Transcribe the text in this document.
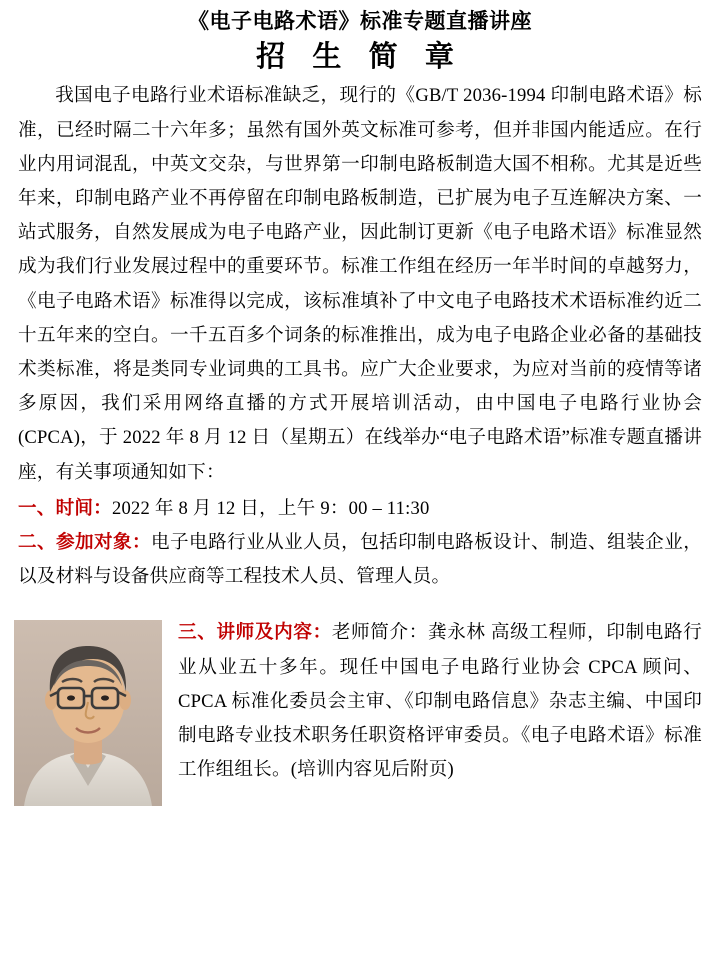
《电子电路术语》标准专题直播讲座
招 生 简 章

我国电子电路行业术语标准缺乏，现行的《GB/T 2036-1994 印制电路术语》标准，已经时隔二十六年多；虽然有国外英文标准可参考，但并非国内能适应。在行业内用词混乱，中英文交杂，与世界第一印制电路板制造大国不相称。尤其是近些年来，印制电路产业不再停留在印制电路板制造，已扩展为电子互连解决方案、一站式服务，自然发展成为电子电路产业，因此制订更新《电子电路术语》标准显然成为我们行业发展过程中的重要环节。标准工作组在经历一年半时间的卓越努力，《电子电路术语》标准得以完成，该标准填补了中文电子电路技术术语标准约近二十五年来的空白。一千五百多个词条的标准推出，成为电子电路企业必备的基础技术类标准，将是类同专业词典的工具书。应广大企业要求，为应对当前的疫情等诸多原因，我们采用网络直播的方式开展培训活动，由中国电子电路行业协会(CPCA)，于 2022 年 8 月 12 日（星期五）在线举办“电子电路术语”标准专题直播讲座，有关事项通知如下：

一、时间：2022 年 8 月 12 日，上午 9：00 – 11:30

二、参加对象：电子电路行业从业人员，包括印制电路板设计、制造、组装企业，以及材料与设备供应商等工程技术人员、管理人员。

三、讲师及内容：老师简介：龚永林 高级工程师，印制电路行业从业五十多年。现任中国电子电路行业协会 CPCA 顾问、CPCA 标准化委员会主审、《印制电路信息》杂志主编、中国印制电路专业技术职务任职资格评审委员。《电子电路术语》标准工作组组长。(培训内容见后附页)
